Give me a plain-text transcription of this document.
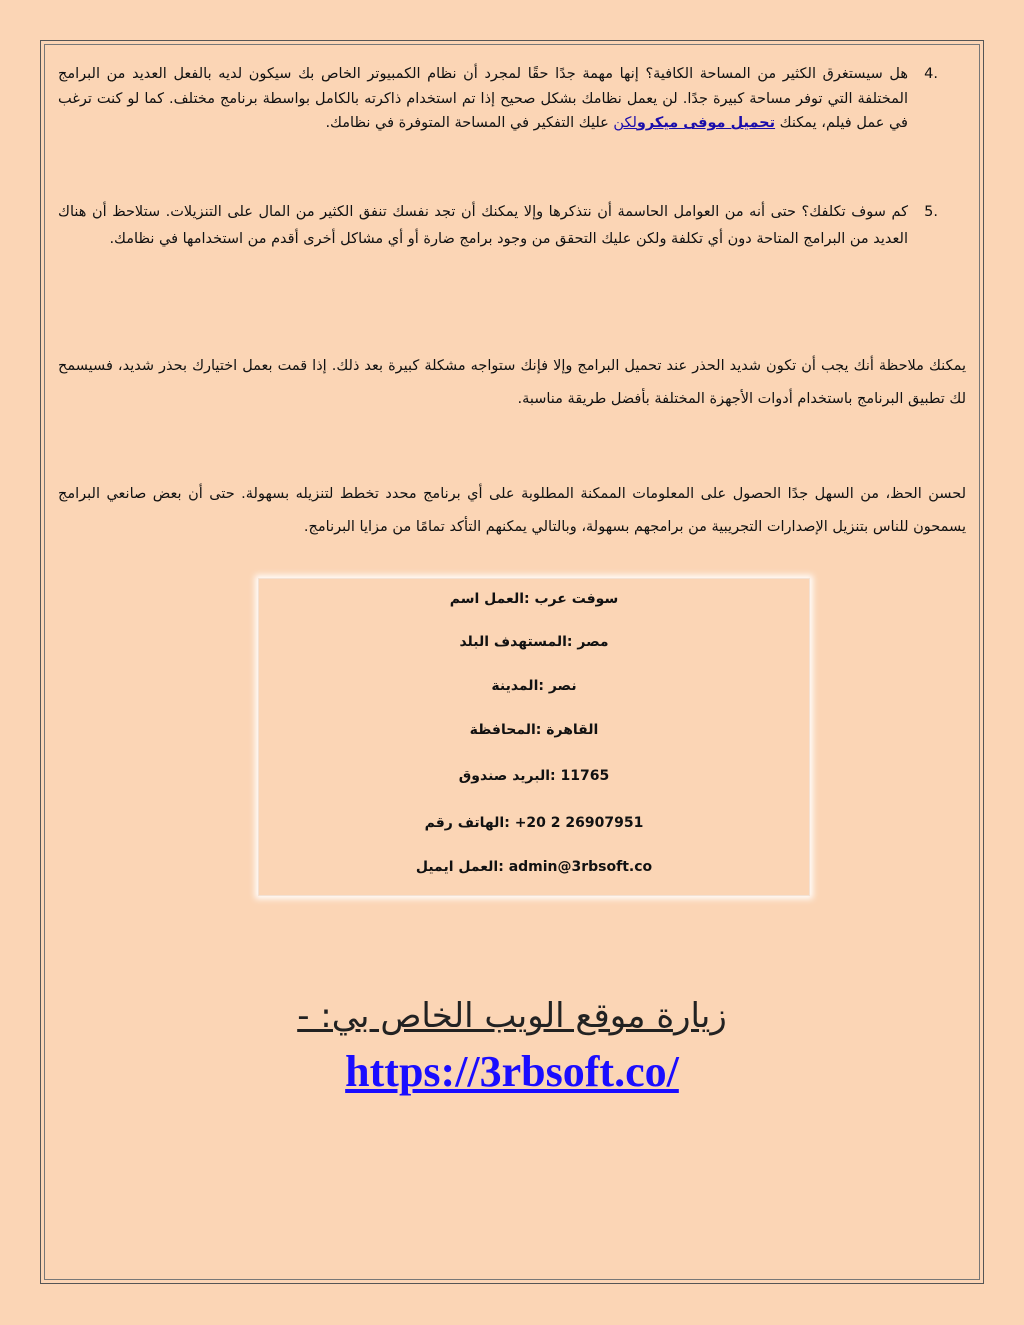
.4
هل سيستغرق الكثير من المساحة الكافية؟ إنها مهمة جدًا حقًا لمجرد أن نظام الكمبيوتر الخاص بك سيكون لديه بالفعل العديد من البرامج المختلفة التي توفر مساحة كبيرة جدًا. لن يعمل نظامك بشكل صحيح إذا تم استخدام ذاكرته بالكامل بواسطة برنامج مختلف. كما لو كنت ترغب في عمل فيلم، يمكنك تحميل موفى ميكرولكن عليك التفكير في المساحة المتوفرة في نظامك.
.5
كم سوف تكلفك؟ حتى أنه من العوامل الحاسمة أن نتذكرها وإلا يمكنك أن تجد نفسك تنفق الكثير من المال على التنزيلات. ستلاحظ أن هناك العديد من البرامج المتاحة دون أي تكلفة ولكن عليك التحقق من وجود برامج ضارة أو أي مشاكل أخرى أقدم من استخدامها في نظامك.
يمكنك ملاحظة أنك يجب أن تكون شديد الحذر عند تحميل البرامج وإلا فإنك ستواجه مشكلة كبيرة بعد ذلك. إذا قمت بعمل اختيارك بحذر شديد، فسيسمح لك تطبيق البرنامج باستخدام أدوات الأجهزة المختلفة بأفضل طريقة مناسبة.
لحسن الحظ، من السهل جدًا الحصول على المعلومات الممكنة المطلوبة على أي برنامج محدد تخطط لتنزيله بسهولة. حتى أن بعض صانعي البرامج يسمحون للناس بتنزيل الإصدارات التجريبية من برامجهم بسهولة، وبالتالي يمكنهم التأكد تمامًا من مزايا البرنامج.
سوفت عرب :العمل اسم
مصر :المستهدف البلد
نصر :المدينة
القاهرة :المحافظة
11765 :البريد صندوق
+20 2 26907951 :الهاتف رقم
admin@3rbsoft.co :العمل ايميل
زيارة موقع الويب الخاص بي: -
https://3rbsoft.co/
